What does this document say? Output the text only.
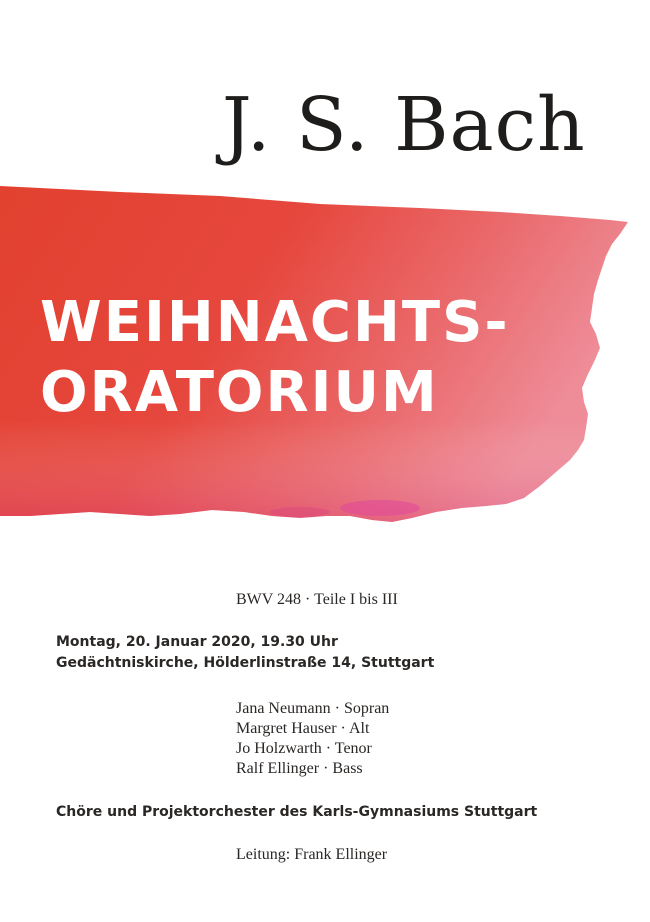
J. S. Bach
WEIHNACHTS-
ORATORIUM
BWV 248 · Teile I bis III
Montag, 20. Januar 2020, 19.30 Uhr
Gedächtniskirche, Hölderlinstraße 14, Stuttgart
Jana Neumann · Sopran
Margret Hauser · Alt
Jo Holzwarth · Tenor
Ralf Ellinger · Bass
Chöre und Projektorchester des Karls-Gymnasiums Stuttgart
Leitung: Frank Ellinger
